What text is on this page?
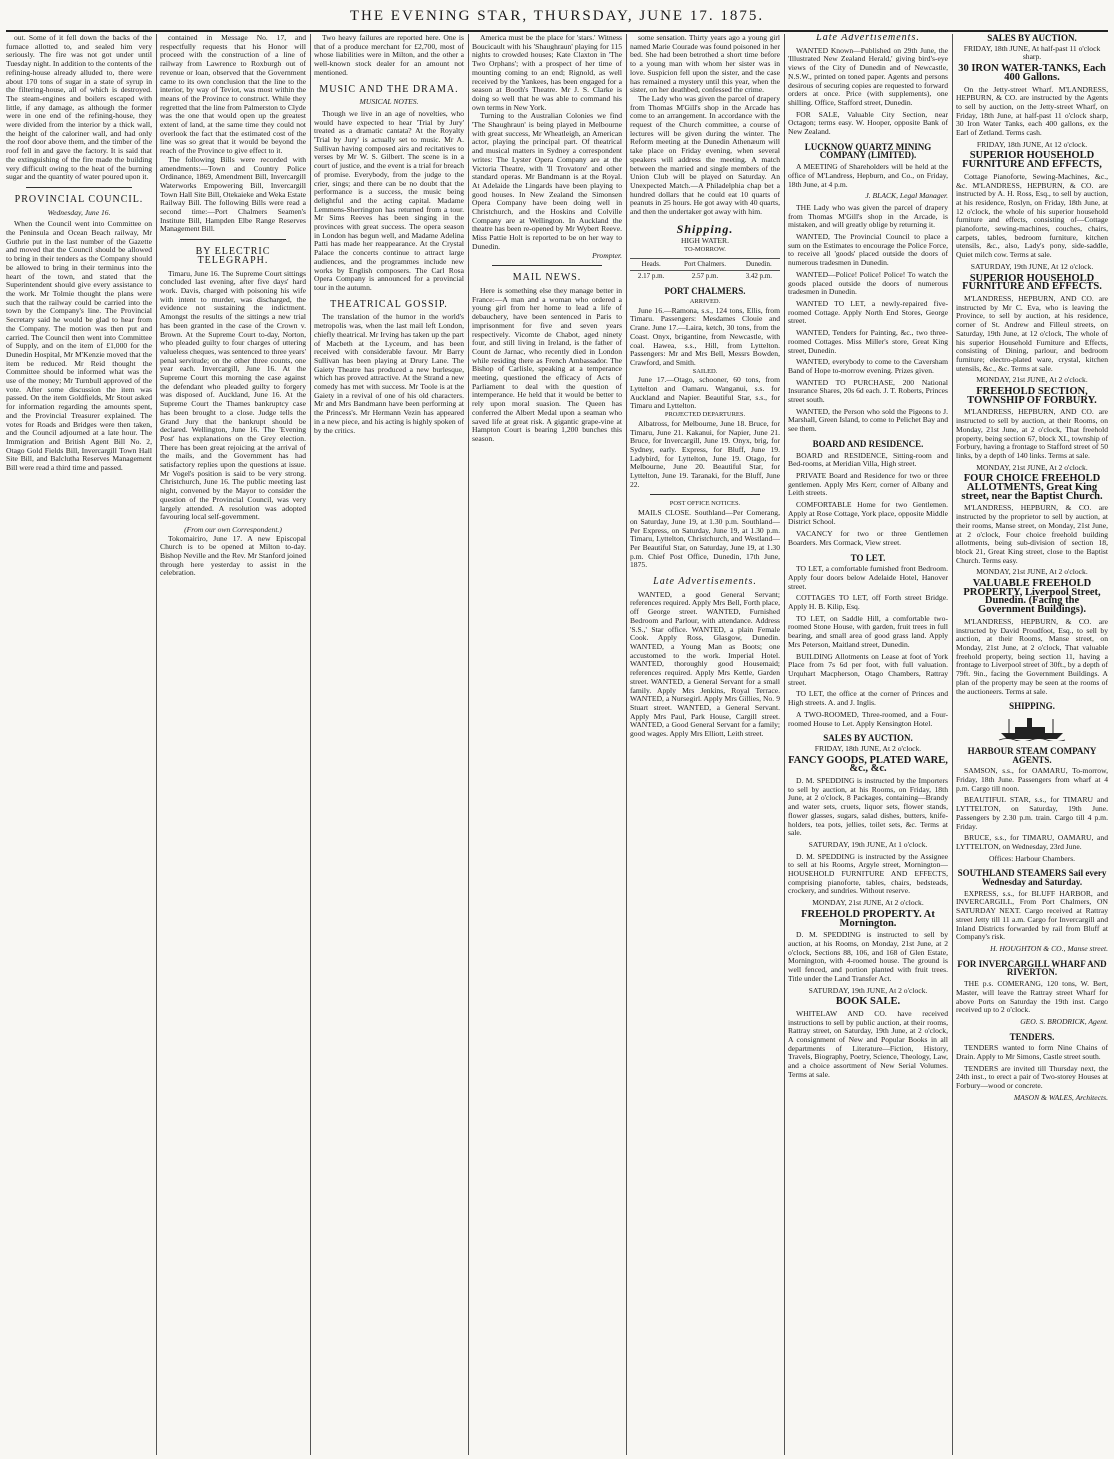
THE EVENING STAR, THURSDAY, JUNE 17. 1875.

out. Some of it fell down the backs of the furnace allotted to, and sealed him very seriously. The fire was not got under until Tuesday night. In addition to the contents of the refining-house already alluded to, there were about 170 tons of sugar in a state of syrup in the filtering-house, all of which is destroyed. The steam-engines and boilers escaped with little, if any damage, as although the former were in one end of the refining-house, they were divided from the interior by a thick wall, the height of the caloriner wall, and had only the roof door above them, and the timber of the roof fell in and gave the factory. It is said that the extinguishing of the fire made the building very difficult owing to the heat of the burning sugar and the quantity of water poured upon it.

PROVINCIAL COUNCIL.

Wednesday, June 16.

When the Council went into Committee on the Peninsula and Ocean Beach railway, Mr Guthrie put in the last number of the Gazette and moved that the Council should be allowed to bring in their tenders as the Company should be allowed to bring in their terminus into the heart of the town, and stated that the Superintendent should give every assistance to the work. Mr Tolmie thought the plans were such that the railway could be carried into the town by the Company's line. The Provincial Secretary said he would be glad to hear from the Company. The motion was then put and carried. The Council then went into Committee of Supply, and on the item of £1,000 for the Dunedin Hospital, Mr M'Kenzie moved that the item be reduced. Mr Reid thought the Committee should be informed what was the use of the money; Mr Turnbull approved of the vote. After some discussion the item was passed. On the item Goldfields, Mr Stout asked for information regarding the amounts spent, and the Provincial Treasurer explained. The votes for Roads and Bridges were then taken, and the Council adjourned at a late hour. The Immigration and British Agent Bill No. 2, Otago Gold Fields Bill, Invercargill Town Hall Site Bill, and Balclutha Reserves Management Bill were read a third time and passed.

contained in Message No. 17, and respectfully requests that his Honor will proceed with the construction of a line of railway from Lawrence to Roxburgh out of revenue or loan, observed that the Government came to its own conclusion that the line to the interior, by way of Teviot, was most within the means of the Province to construct. While they regretted that the line from Palmerston to Clyde was the one that would open up the greatest extent of land, at the same time they could not overlook the fact that the estimated cost of the line was so great that it would be beyond the reach of the Province to give effect to it.

The following Bills were recorded with amendments:—Town and Country Police Ordinance, 1869, Amendment Bill, Invercargill Waterworks Empowering Bill, Invercargill Town Hall Site Bill, Otekaieke and Weka Estate Railway Bill. The following Bills were read a second time:—Port Chalmers Seamen's Institute Bill, Hampden Elbe Range Reserves Management Bill.

BY ELECTRIC TELEGRAPH.

Timaru, June 16. The Supreme Court sittings concluded last evening, after five days' hard work. Davis, charged with poisoning his wife with intent to murder, was discharged, the evidence not sustaining the indictment. Amongst the results of the sittings a new trial has been granted in the case of the Crown v. Brown. At the Supreme Court to-day, Norton, who pleaded guilty to four charges of uttering valueless cheques, was sentenced to three years' penal servitude; on the other three counts, one year each. Invercargill, June 16. At the Supreme Court this morning the case against the defendant who pleaded guilty to forgery was disposed of. Auckland, June 16. At the Supreme Court the Thames bankruptcy case has been brought to a close. Judge tells the Grand Jury that the bankrupt should be declared. Wellington, June 16. The 'Evening Post' has explanations on the Grey election. There has been great rejoicing at the arrival of the mails, and the Government has had satisfactory replies upon the questions at issue. Mr Vogel's position is said to be very strong. Christchurch, June 16. The public meeting last night, convened by the Mayor to consider the question of the Provincial Council, was very largely attended. A resolution was adopted favouring local self-government.

(From our own Correspondent.)

Tokomairiro, June 17. A new Episcopal Church is to be opened at Milton to-day. Bishop Neville and the Rev. Mr Stanford joined through here yesterday to assist in the celebration.

Two heavy failures are reported here. One is that of a produce merchant for £2,700, most of whose liabilities were in Milton, and the other a well-known stock dealer for an amount not mentioned.

MUSIC AND THE DRAMA.

MUSICAL NOTES.

Though we live in an age of novelties, who would have expected to hear 'Trial by Jury' treated as a dramatic cantata? At the Royalty 'Trial by Jury' is actually set to music. Mr A. Sullivan having composed airs and recitatives to verses by Mr W. S. Gilbert. The scene is in a court of justice, and the event is a trial for breach of promise. Everybody, from the judge to the crier, sings; and there can be no doubt that the performance is a success, the music being delightful and the acting capital. Madame Lemmens-Sherrington has returned from a tour. Mr Sims Reeves has been singing in the provinces with great success. The opera season in London has begun well, and Madame Adelina Patti has made her reappearance. At the Crystal Palace the concerts continue to attract large audiences, and the programmes include new works by English composers. The Carl Rosa Opera Company is announced for a provincial tour in the autumn.

THEATRICAL GOSSIP.

The translation of the humor in the world's metropolis was, when the last mail left London, chiefly theatrical. Mr Irving has taken up the part of Macbeth at the Lyceum, and has been received with considerable favour. Mr Barry Sullivan has been playing at Drury Lane. The Gaiety Theatre has produced a new burlesque, which has proved attractive. At the Strand a new comedy has met with success. Mr Toole is at the Gaiety in a revival of one of his old characters. Mr and Mrs Bandmann have been performing at the Princess's. Mr Hermann Vezin has appeared in a new piece, and his acting is highly spoken of by the critics.

America must be the place for 'stars.' Witness Boucicault with his 'Shaughraun' playing for 115 nights to crowded houses; Kate Claxton in 'The Two Orphans'; with a prospect of her time of mounting coming to an end; Rignold, as well received by the Yankees, has been engaged for a season at Booth's Theatre. Mr J. S. Clarke is doing so well that he was able to command his own terms in New York.

Turning to the Australian Colonies we find 'The Shaughraun' is being played in Melbourne with great success, Mr Wheatleigh, an American actor, playing the principal part. Of theatrical and musical matters in Sydney a correspondent writes: The Lyster Opera Company are at the Victoria Theatre, with 'Il Trovatore' and other standard operas. Mr Bandmann is at the Royal. At Adelaide the Lingards have been playing to good houses. In New Zealand the Simonsen Opera Company have been doing well in Christchurch, and the Hoskins and Colville Company are at Wellington. In Auckland the theatre has been re-opened by Mr Wybert Reeve. Miss Pattie Holt is reported to be on her way to Dunedin.

Prompter.

MAIL NEWS.

Here is something else they manage better in France:—A man and a woman who ordered a young girl from her home to lead a life of debauchery, have been sentenced in Paris to imprisonment for five and seven years respectively. Vicomte de Chabot, aged ninety four, and still living in Ireland, is the father of Count de Jarnac, who recently died in London while residing there as French Ambassador. The Bishop of Carlisle, speaking at a temperance meeting, questioned the efficacy of Acts of Parliament to deal with the question of intemperance. He held that it would be better to rely upon moral suasion. The Queen has conferred the Albert Medal upon a seaman who saved life at great risk. A gigantic grape-vine at Hampton Court is bearing 1,200 bunches this season.

some sensation. Thirty years ago a young girl named Marie Courade was found poisoned in her bed. She had been betrothed a short time before to a young man with whom her sister was in love. Suspicion fell upon the sister, and the case has remained a mystery until this year, when the sister, on her deathbed, confessed the crime.

The Lady who was given the parcel of drapery from Thomas M'Gill's shop in the Arcade has come to an arrangement. In accordance with the request of the Church committee, a course of lectures will be given during the winter. The Reform meeting at the Dunedin Athenæum will take place on Friday evening, when several speakers will address the meeting. A match between the married and single members of the Union Club will be played on Saturday. An Unexpected Match.—A Philadelphia chap bet a hundred dollars that he could eat 10 quarts of peanuts in 25 hours. He got away with 40 quarts, and then the undertaker got away with him.

Shipping.

HIGH WATER.

TO-MORROW.

Heads.	Port Chalmers.	Dunedin.
2.17 p.m.	2.57 p.m.	3.42 p.m.

PORT CHALMERS.

ARRIVED.

June 16.—Ramona, s.s., 124 tons, Ellis, from Timaru. Passengers: Mesdames Clouie and Crane. June 17.—Laira, ketch, 30 tons, from the Coast. Onyx, brigantine, from Newcastle, with coal. Hawea, s.s., Hill, from Lyttelton. Passengers: Mr and Mrs Bell, Messrs Bowden, Crawford, and Smith.

SAILED.

June 17.—Otago, schooner, 60 tons, from Lyttelton and Oamaru. Wanganui, s.s. for Auckland and Napier. Beautiful Star, s.s., for Timaru and Lyttelton.

PROJECTED DEPARTURES.

Albatross, for Melbourne, June 18. Bruce, for Timaru, June 21. Kakanui, for Napier, June 21. Bruce, for Invercargill, June 19. Onyx, brig, for Sydney, early. Express, for Bluff, June 19. Ladybird, for Lyttelton, June 19. Otago, for Melbourne, June 20. Beautiful Star, for Lyttelton, June 19. Taranaki, for the Bluff, June 22.

POST OFFICE NOTICES.

MAILS CLOSE. Southland—Per Comerang, on Saturday, June 19, at 1.30 p.m. Southland—Per Express, on Saturday, June 19, at 1.30 p.m. Timaru, Lyttelton, Christchurch, and Westland—Per Beautiful Star, on Saturday, June 19, at 1.30 p.m. Chief Post Office, Dunedin, 17th June, 1875.

Late Advertisements.

WANTED, a good General Servant; references required. Apply Mrs Bell, Forth place, off George street. WANTED, Furnished Bedroom and Parlour, with attendance. Address 'S.S.,' Star office. WANTED, a plain Female Cook. Apply Ross, Glasgow, Dunedin. WANTED, a Young Man as Boots; one accustomed to the work. Imperial Hotel. WANTED, thoroughly good Housemaid; references required. Apply Mrs Kettle, Garden street. WANTED, a General Servant for a small family. Apply Mrs Jenkins, Royal Terrace. WANTED, a Nursegirl. Apply Mrs Gillies, No. 9 Stuart street. WANTED, a General Servant. Apply Mrs Paul, Park House, Cargill street. WANTED, a Good General Servant for a family; good wages. Apply Mrs Elliott, Leith street.

Late Advertisements.

WANTED Known—Published on 29th June, the 'Illustrated New Zealand Herald,' giving bird's-eye views of the City of Dunedin and of Newcastle, N.S.W., printed on toned paper. Agents and persons desirous of securing copies are requested to forward orders at once. Price (with supplements), one shilling. Office, Stafford street, Dunedin.

FOR SALE, Valuable City Section, near Octagon; terms easy. W. Hooper, opposite Bank of New Zealand.

LUCKNOW QUARTZ MINING COMPANY (LIMITED).

A MEETING of Shareholders will be held at the office of M'Landress, Hepburn, and Co., on Friday, 18th June, at 4 p.m.

J. BLACK, Legal Manager.

THE Lady who was given the parcel of drapery from Thomas M'Gill's shop in the Arcade, is mistaken, and will greatly oblige by returning it.

WANTED, The Provincial Council to place a sum on the Estimates to encourage the Police Force, to receive all 'goods' placed outside the doors of numerous tradesmen in Dunedin.

WANTED—Police! Police! Police! To watch the goods placed outside the doors of numerous tradesmen in Dunedin.

WANTED TO LET, a newly-repaired five-roomed Cottage. Apply North End Stores, George street.

WANTED, Tenders for Painting, &c., two three-roomed Cottages. Miss Miller's store, Great King street, Dunedin.

WANTED, everybody to come to the Caversham Band of Hope to-morrow evening. Prizes given.

WANTED TO PURCHASE, 200 National Insurance Shares, 20s 6d each. J. T. Roberts, Princes street south.

WANTED, the Person who sold the Pigeons to J. Marshall, Green Island, to come to Pelichet Bay and see them.

BOARD AND RESIDENCE.

BOARD and RESIDENCE, Sitting-room and Bed-rooms, at Meridian Villa, High street.

PRIVATE Board and Residence for two or three gentlemen. Apply Mrs Kerr, corner of Albany and Leith streets.

COMFORTABLE Home for two Gentlemen. Apply at Rose Cottage, York place, opposite Middle District School.

VACANCY for two or three Gentlemen Boarders. Mrs Cormack, View street.

TO LET.

TO LET, a comfortable furnished front Bedroom. Apply four doors below Adelaide Hotel, Hanover street.

COTTAGES TO LET, off Forth street Bridge. Apply H. B. Kilip, Esq.

TO LET, on Saddle Hill, a comfortable two-roomed Stone House, with garden, fruit trees in full bearing, and small area of good grass land. Apply Mrs Peterson, Maitland street, Dunedin.

BUILDING Allotments on Lease at foot of York Place from 7s 6d per foot, with full valuation. Urquhart Macpherson, Otago Chambers, Rattray street.

TO LET, the office at the corner of Princes and High streets. A. and J. Inglis.

A TWO-ROOMED, Three-roomed, and a Four-roomed House to Let. Apply Kensington Hotel.

SALES BY AUCTION.

FRIDAY, 18th JUNE, At 2 o'clock.

FANCY GOODS, PLATED WARE, &c., &c.

D. M. SPEDDING is instructed by the Importers to sell by auction, at his Rooms, on Friday, 18th June, at 2 o'clock, 8 Packages, containing—Brandy and water sets, cruets, liquor sets, flower stands, flower glasses, sugars, salad dishes, butters, knife-holders, tea pots, jellies, toilet sets, &c. Terms at sale.

SATURDAY, 19th JUNE, At 1 o'clock.

D. M. SPEDDING is instructed by the Assignee to sell at his Rooms, Argyle street, Mornington—HOUSEHOLD FURNITURE AND EFFECTS, comprising pianoforte, tables, chairs, bedsteads, crockery, and sundries. Without reserve.

MONDAY, 21st JUNE, At 2 o'clock.

FREEHOLD PROPERTY. At Mornington.

D. M. SPEDDING is instructed to sell by auction, at his Rooms, on Monday, 21st June, at 2 o'clock, Sections 88, 106, and 168 of Glen Estate, Mornington, with 4-roomed house. The ground is well fenced, and portion planted with fruit trees. Title under the Land Transfer Act.

SATURDAY, 19th JUNE, At 2 o'clock.

BOOK SALE.

WHITELAW AND CO. have received instructions to sell by public auction, at their rooms, Rattray street, on Saturday, 19th June, at 2 o'clock, A consignment of New and Popular Books in all departments of Literature—Fiction, History, Travels, Biography, Poetry, Science, Theology, Law, and a choice assortment of New Serial Volumes. Terms at sale.

SALES BY AUCTION.

FRIDAY, 18th JUNE, At half-past 11 o'clock sharp.

30 IRON WATER-TANKS, Each 400 Gallons.

On the Jetty-street Wharf. M'LANDRESS, HEPBURN, & CO. are instructed by the Agents to sell by auction, on the Jetty-street Wharf, on Friday, 18th June, at half-past 11 o'clock sharp, 30 Iron Water Tanks, each 400 gallons, ex the Earl of Zetland. Terms cash.

FRIDAY, 18th JUNE, At 12 o'clock.

SUPERIOR HOUSEHOLD FURNITURE AND EFFECTS,

Cottage Pianoforte, Sewing-Machines, &c., &c. M'LANDRESS, HEPBURN, & CO. are instructed by A. H. Ross, Esq., to sell by auction, at his residence, Roslyn, on Friday, 18th June, at 12 o'clock, the whole of his superior household furniture and effects, consisting of—Cottage pianoforte, sewing-machines, couches, chairs, carpets, tables, bedroom furniture, kitchen utensils, &c., also, Lady's pony, side-saddle, Quiet milch cow. Terms at sale.

SATURDAY, 19th JUNE, At 12 o'clock.

SUPERIOR HOUSEHOLD FURNITURE AND EFFECTS.

M'LANDRESS, HEPBURN, AND CO. are instructed by Mr C. Eva, who is leaving the Province, to sell by auction, at his residence, corner of St. Andrew and Filleul streets, on Saturday, 19th June, at 12 o'clock, The whole of his superior Household Furniture and Effects, consisting of Dining, parlour, and bedroom furniture; electro-plated ware, crystal, kitchen utensils, &c., &c. Terms at sale.

MONDAY, 21st JUNE, At 2 o'clock.

FREEHOLD SECTION, TOWNSHIP OF FORBURY.

M'LANDRESS, HEPBURN, AND CO. are instructed to sell by auction, at their Rooms, on Monday, 21st June, at 2 o'clock, That freehold property, being section 67, block XI., township of Forbury, having a frontage to Stafford street of 50 links, by a depth of 140 links. Terms at sale.

MONDAY, 21st JUNE, At 2 o'clock.

FOUR CHOICE FREEHOLD ALLOTMENTS, Great King street, near the Baptist Church.

M'LANDRESS, HEPBURN, & CO. are instructed by the proprietor to sell by auction, at their rooms, Manse street, on Monday, 21st June, at 2 o'clock, Four choice freehold building allotments, being sub-division of section 18, block 21, Great King street, close to the Baptist Church. Terms easy.

MONDAY, 21st JUNE, At 2 o'clock.

VALUABLE FREEHOLD PROPERTY, Liverpool Street, Dunedin. (Facing the Government Buildings).

M'LANDRESS, HEPBURN, & CO. are instructed by David Proudfoot, Esq., to sell by auction, at their Rooms, Manse street, on Monday, 21st June, at 2 o'clock, That valuable freehold property, being section 11, having a frontage to Liverpool street of 30ft., by a depth of 79ft. 9in., facing the Government Buildings. A plan of the property may be seen at the rooms of the auctioneers. Terms at sale.

SHIPPING.

HARBOUR STEAM COMPANY AGENTS.

SAMSON, s.s., for OAMARU, To-morrow, Friday, 18th June. Passengers from wharf at 4 p.m. Cargo till noon.

BEAUTIFUL STAR, s.s., for TIMARU and LYTTELTON, on Saturday, 19th June. Passengers by 2.30 p.m. train. Cargo till 4 p.m. Friday.

BRUCE, s.s., for TIMARU, OAMARU, and LYTTELTON, on Wednesday, 23rd June.

Offices: Harbour Chambers.

SOUTHLAND STEAMERS Sail every Wednesday and Saturday.

EXPRESS, s.s., for BLUFF HARBOR, and INVERCARGILL, From Port Chalmers, ON SATURDAY NEXT. Cargo received at Rattray street Jetty till 11 a.m. Cargo for Invercargill and Inland Districts forwarded by rail from Bluff at Company's risk.

H. HOUGHTON & CO., Manse street.

FOR INVERCARGILL WHARF AND RIVERTON.

THE p.s. COMERANG, 120 tons, W. Bert, Master, will leave the Rattray street Wharf for above Ports on Saturday the 19th inst. Cargo received up to 2 o'clock.

GEO. S. BRODRICK, Agent.

TENDERS.

TENDERS wanted to form Nine Chains of Drain. Apply to Mr Simons, Castle street south.

TENDERS are invited till Thursday next, the 24th inst., to erect a pair of Two-storey Houses at Forbury—wood or concrete.

MASON & WALES, Architects.
